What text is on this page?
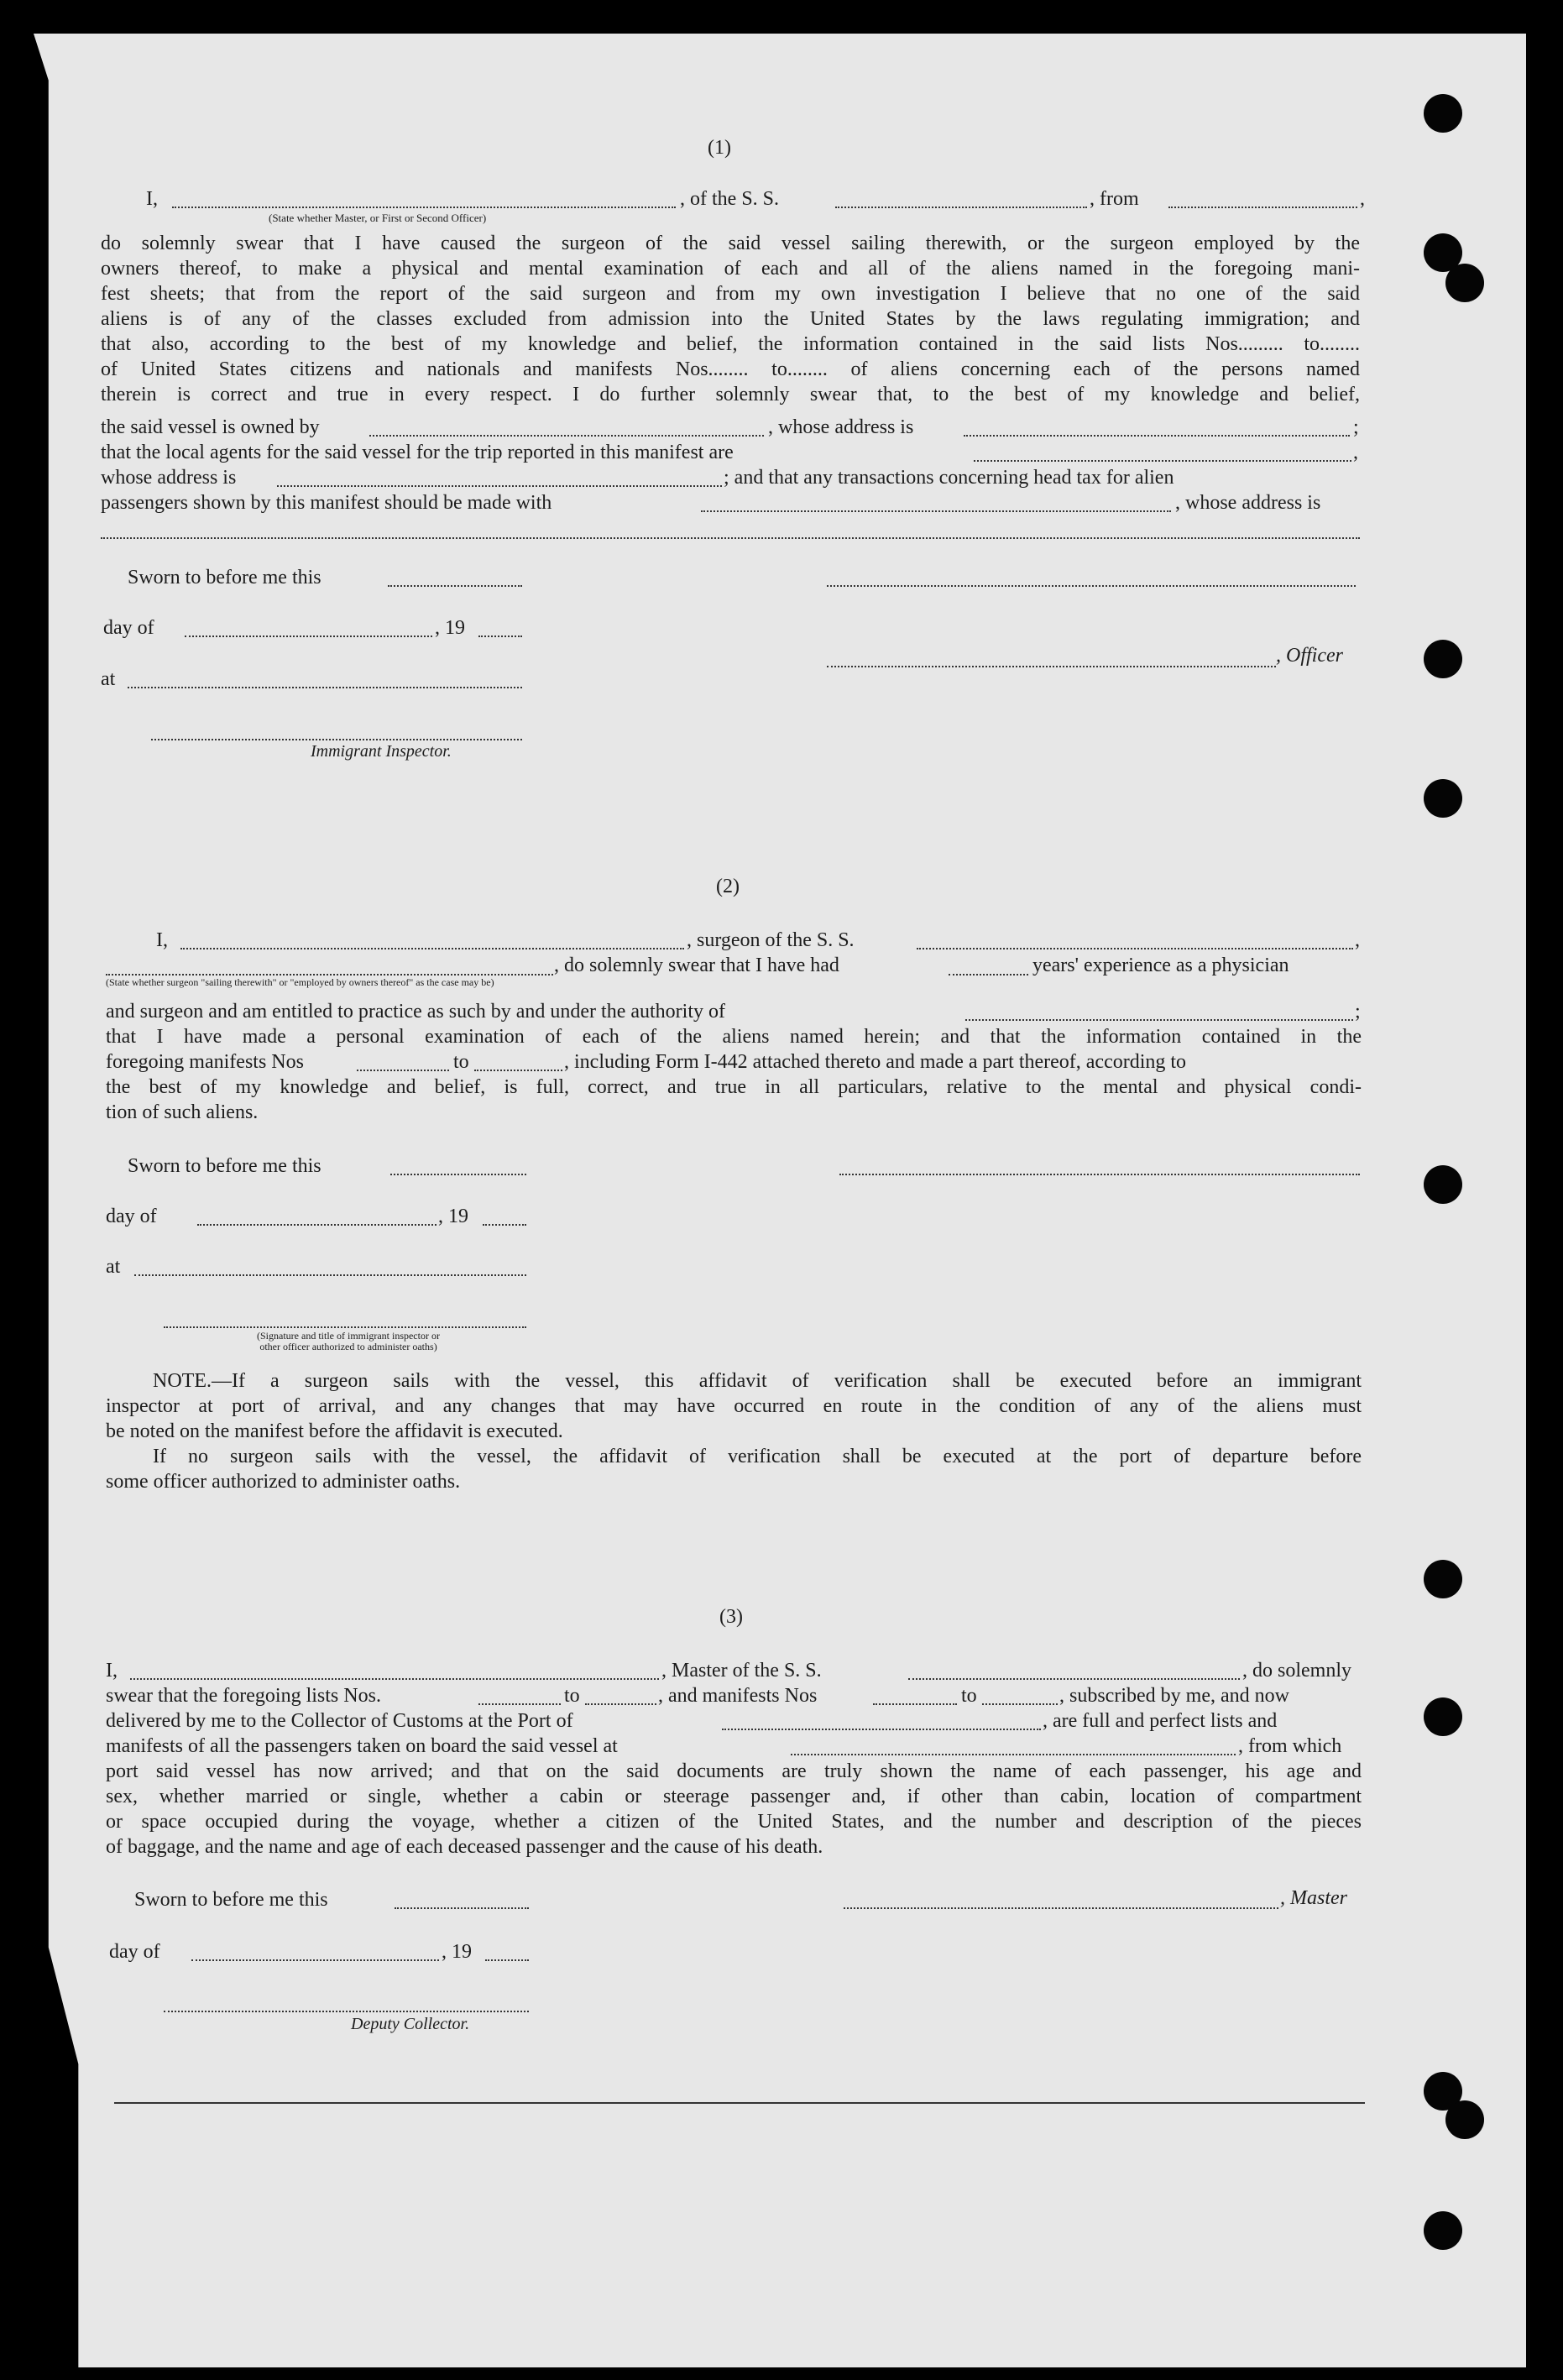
(1)
I,	, of the S. S.	, from	,
(State whether Master, or First or Second Officer)
do solemnly swear that I have caused the surgeon of the said vessel sailing therewith, or the surgeon employed by the
owners thereof, to make a physical and mental examination of each and all of the aliens named in the foregoing mani-
fest sheets; that from the report of the said surgeon and from my own investigation I believe that no one of the said
aliens is of any of the classes excluded from admission into the United States by the laws regulating immigration; and
that also, according to the best of my knowledge and belief, the information contained in the said lists Nos......... to........
of United States citizens and nationals and manifests Nos........ to........ of aliens concerning each of the persons named
therein is correct and true in every respect. I do further solemnly swear that, to the best of my knowledge and belief,
the said vessel is owned by	, whose address is	;
that the local agents for the said vessel for the trip reported in this manifest are	,
whose address is	; and that any transactions concerning head tax for alien
passengers shown by this manifest should be made with	, whose address is
Sworn to before me this
day of	, 19
, Officer
at
Immigrant Inspector.
(2)
I,	, surgeon of the S. S.	,
, do solemnly swear that I have had	years' experience as a physician
(State whether surgeon "sailing therewith" or "employed by owners thereof" as the case may be)
and surgeon and am entitled to practice as such by and under the authority of	;
that I have made a personal examination of each of the aliens named herein; and that the information contained in the
foregoing manifests Nos	to	, including Form I-442 attached thereto and made a part thereof, according to
the best of my knowledge and belief, is full, correct, and true in all particulars, relative to the mental and physical condi-
tion of such aliens.
Sworn to before me this
day of	, 19
at
(Signature and title of immigrant inspector or
other officer authorized to administer oaths)
NOTE.—If a surgeon sails with the vessel, this affidavit of verification shall be executed before an immigrant
inspector at port of arrival, and any changes that may have occurred en route in the condition of any of the aliens must
be noted on the manifest before the affidavit is executed.
If no surgeon sails with the vessel, the affidavit of verification shall be executed at the port of departure before
some officer authorized to administer oaths.
(3)
I,	, Master of the S. S.	, do solemnly
swear that the foregoing lists Nos.	to	, and manifests Nos	to	, subscribed by me, and now
delivered by me to the Collector of Customs at the Port of	, are full and perfect lists and
manifests of all the passengers taken on board the said vessel at	, from which
port said vessel has now arrived; and that on the said documents are truly shown the name of each passenger, his age and
sex, whether married or single, whether a cabin or steerage passenger and, if other than cabin, location of compartment
or space occupied during the voyage, whether a citizen of the United States, and the number and description of the pieces
of baggage, and the name and age of each deceased passenger and the cause of his death.
Sworn to before me this	, Master
day of	, 19
Deputy Collector.
